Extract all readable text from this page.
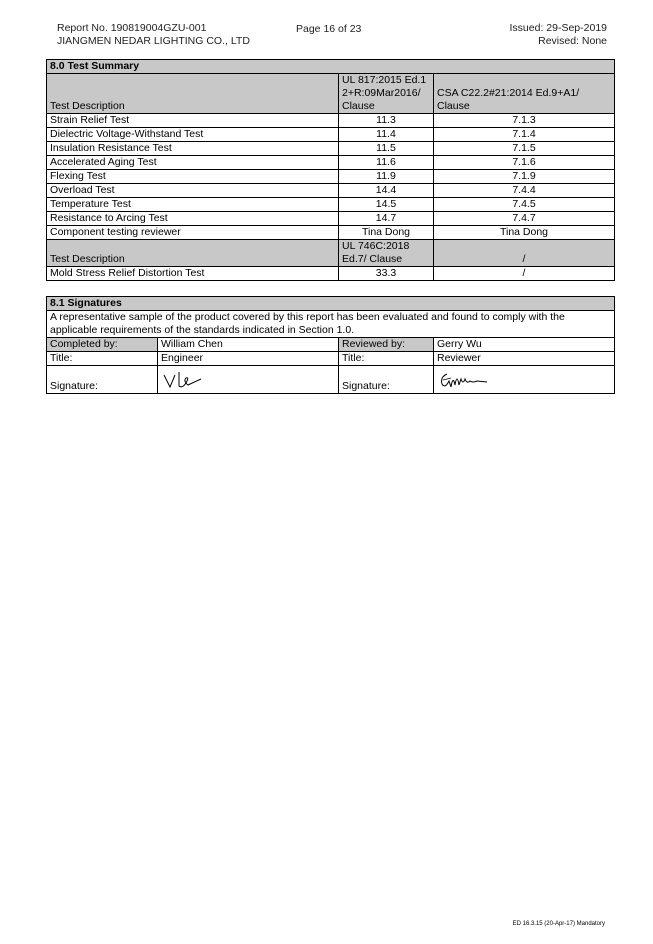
Report No. 190819004GZU-001
JIANGMEN NEDAR LIGHTING CO., LTD
Page 16 of 23	Issued: 29-Sep-2019
Revised: None
8.0 Test Summary		
Test Description	UL 817:2015 Ed.12+R:09Mar2016/ Clause	CSA C22.2#21:2014 Ed.9+A1/ Clause
Strain Relief Test	11.3	7.1.3
Dielectric Voltage-Withstand Test	11.4	7.1.4
Insulation Resistance Test	11.5	7.1.5
Accelerated Aging Test	11.6	7.1.6
Flexing Test	11.9	7.1.9
Overload Test	14.4	7.4.4
Temperature Test	14.5	7.4.5
Resistance to Arcing Test	14.7	7.4.7
Component testing reviewer	Tina Dong	Tina Dong
Test Description	UL 746C:2018 Ed.7/ Clause	/
Mold Stress Relief Distortion Test	33.3	/
8.1 Signatures			
A representative sample of the product covered by this report has been evaluated and found to comply with the applicable requirements of the standards indicated in Section 1.0.			
Completed by:	William Chen	Reviewed by:	Gerry Wu
Title:	Engineer	Title:	Reviewer
Signature:		Signature:	
ED 16.3.15 (20-Apr-17) Mandatory
